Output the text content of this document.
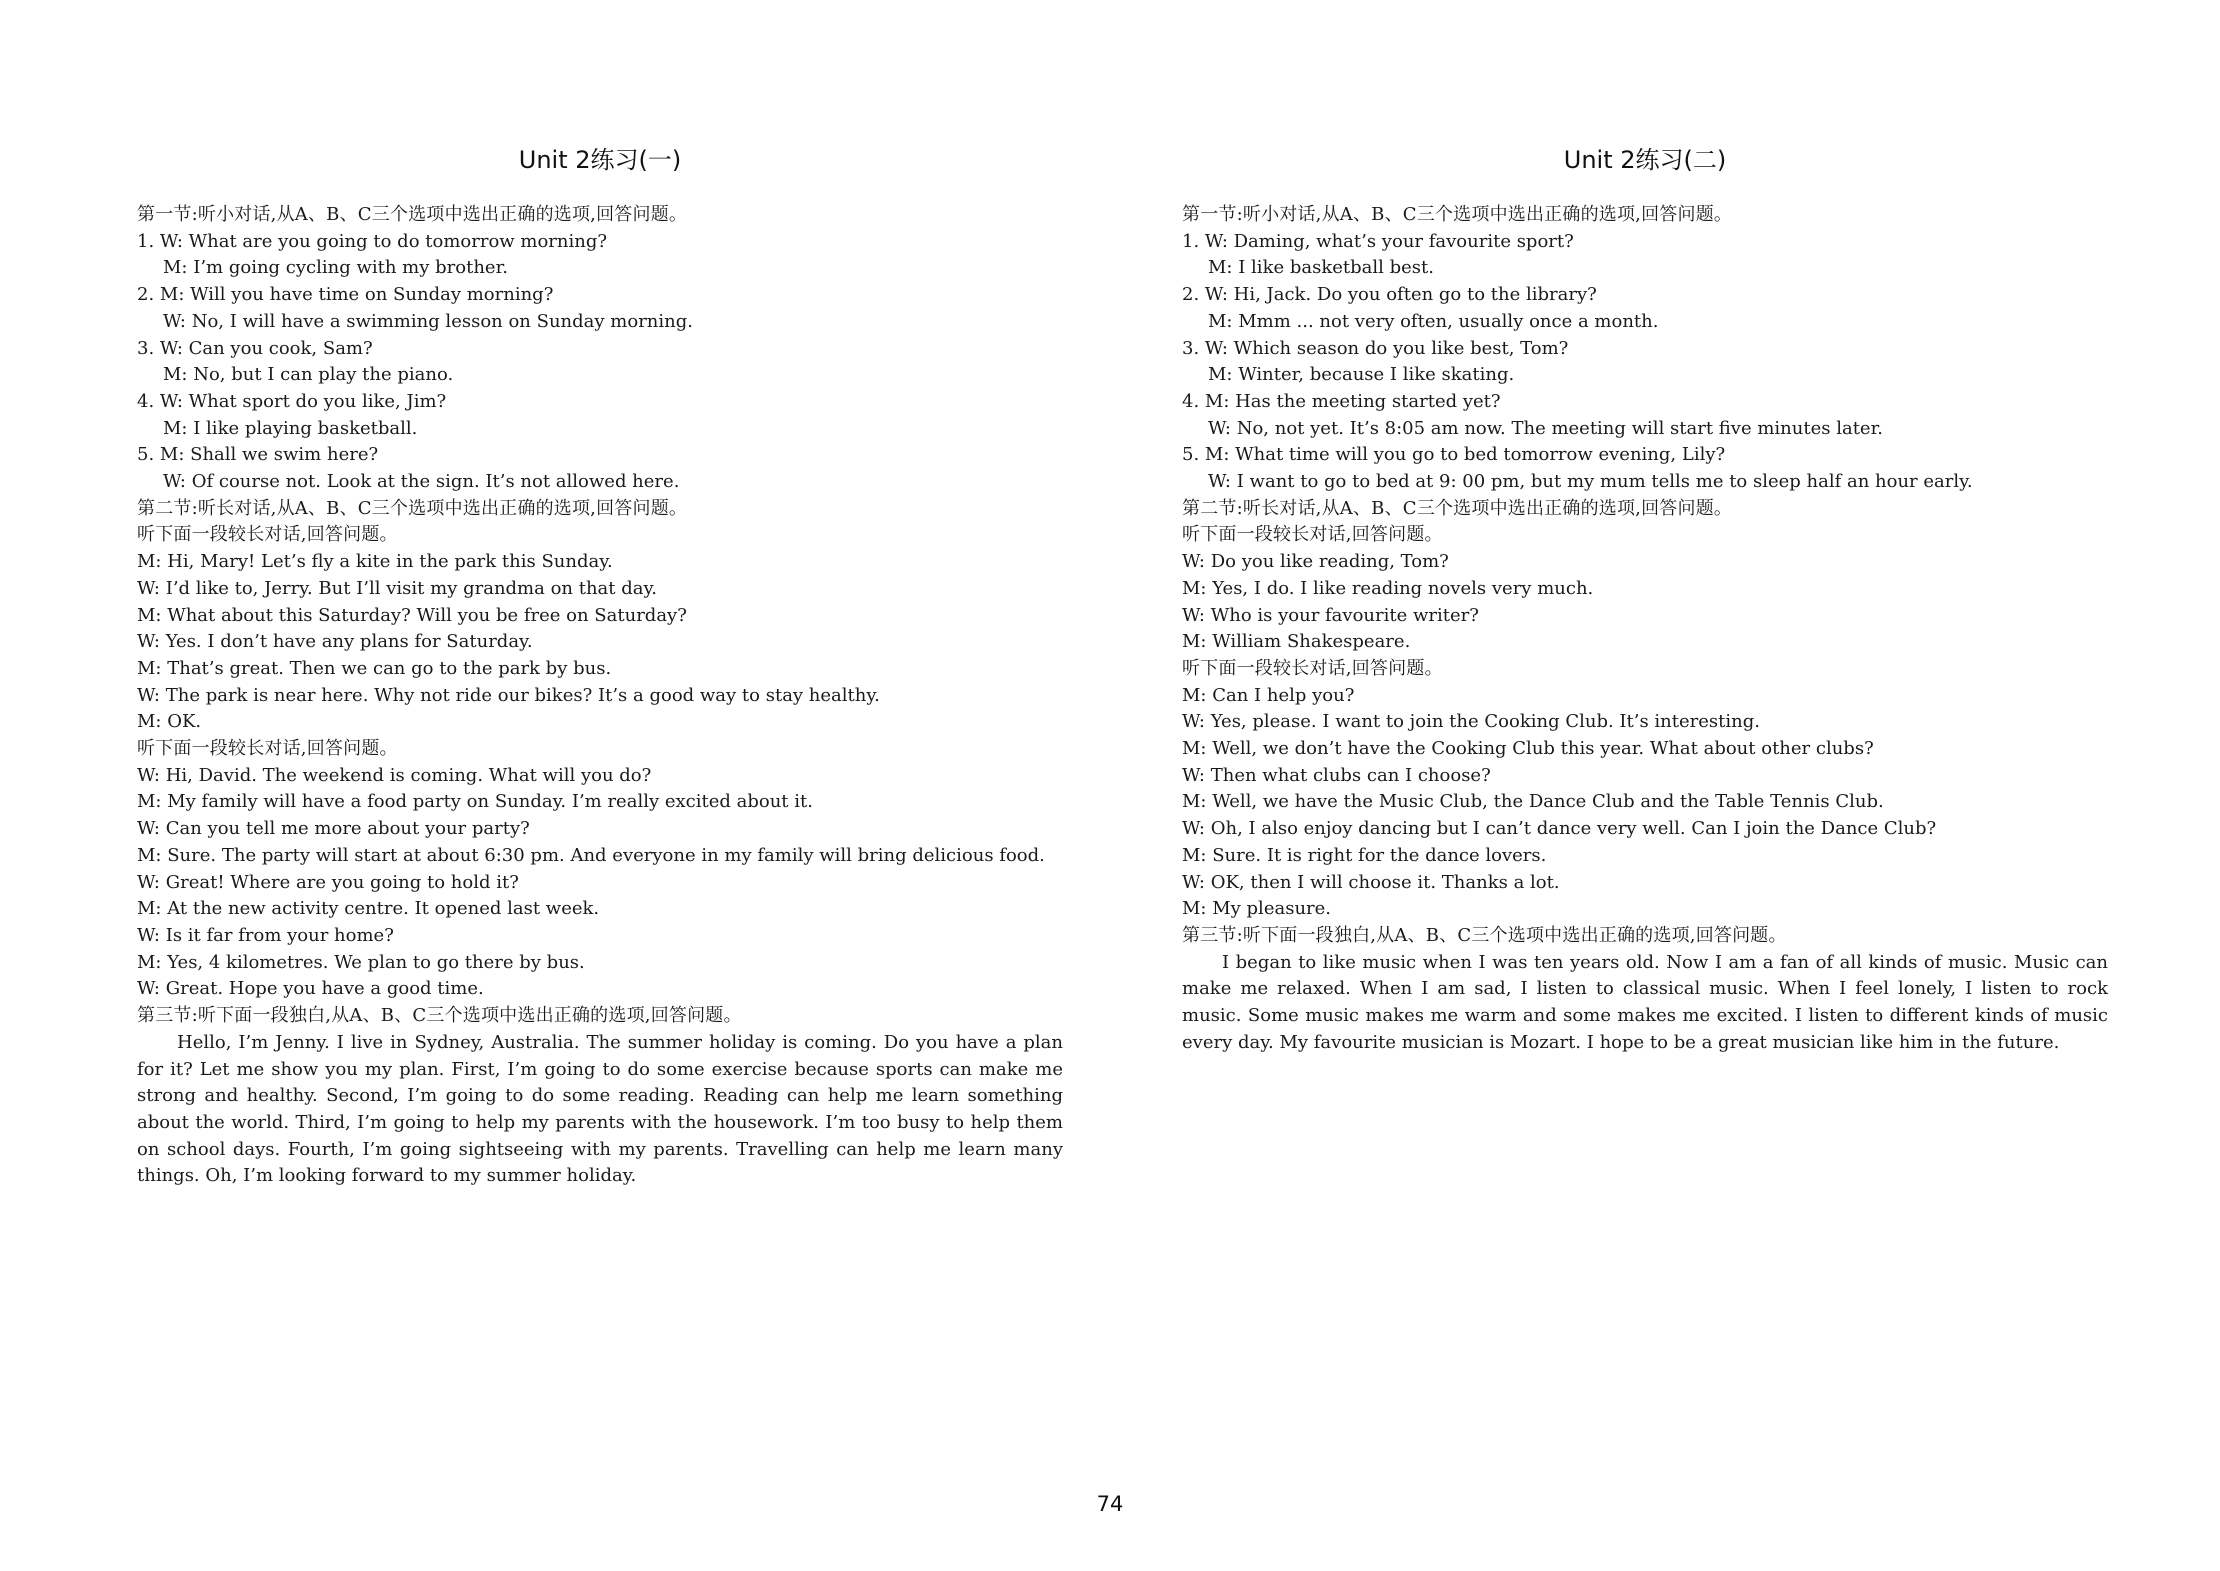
Unit 2练习(一)
第一节:听小对话,从A、B、C三个选项中选出正确的选项,回答问题。
1. W: What are you going to do tomorrow morning?
M: I’m going cycling with my brother.
2. M: Will you have time on Sunday morning?
W: No, I will have a swimming lesson on Sunday morning.
3. W: Can you cook, Sam?
M: No, but I can play the piano.
4. W: What sport do you like, Jim?
M: I like playing basketball.
5. M: Shall we swim here?
W: Of course not. Look at the sign. It’s not allowed here.
第二节:听长对话,从A、B、C三个选项中选出正确的选项,回答问题。
听下面一段较长对话,回答问题。
M: Hi, Mary! Let’s fly a kite in the park this Sunday.
W: I’d like to, Jerry. But I’ll visit my grandma on that day.
M: What about this Saturday? Will you be free on Saturday?
W: Yes. I don’t have any plans for Saturday.
M: That’s great. Then we can go to the park by bus.
W: The park is near here. Why not ride our bikes? It’s a good way to stay healthy.
M: OK.
听下面一段较长对话,回答问题。
W: Hi, David. The weekend is coming. What will you do?
M: My family will have a food party on Sunday. I’m really excited about it.
W: Can you tell me more about your party?
M: Sure. The party will start at about 6:30 pm. And everyone in my family will bring delicious food.
W: Great! Where are you going to hold it?
M: At the new activity centre. It opened last week.
W: Is it far from your home?
M: Yes, 4 kilometres. We plan to go there by bus.
W: Great. Hope you have a good time.
第三节:听下面一段独白,从A、B、C三个选项中选出正确的选项,回答问题。

Hello, I’m Jenny. I live in Sydney, Australia. The summer holiday is coming. Do you have a plan for it? Let me show you my plan. First, I’m going to do some exercise because sports can make me strong and healthy. Second, I’m going to do some reading. Reading can help me learn something about the world. Third, I’m going to help my parents with the housework. I’m too busy to help them on school days. Fourth, I’m going sightseeing with my parents. Travelling can help me learn many things. Oh, I’m looking forward to my summer holiday.

Unit 2练习(二)
第一节:听小对话,从A、B、C三个选项中选出正确的选项,回答问题。
1. W: Daming, what’s your favourite sport?
M: I like basketball best.
2. W: Hi, Jack. Do you often go to the library?
M: Mmm ... not very often, usually once a month.
3. W: Which season do you like best, Tom?
M: Winter, because I like skating.
4. M: Has the meeting started yet?
W: No, not yet. It’s 8:05 am now. The meeting will start five minutes later.
5. M: What time will you go to bed tomorrow evening, Lily?
W: I want to go to bed at 9: 00 pm, but my mum tells me to sleep half an hour early.
第二节:听长对话,从A、B、C三个选项中选出正确的选项,回答问题。
听下面一段较长对话,回答问题。
W: Do you like reading, Tom?
M: Yes, I do. I like reading novels very much.
W: Who is your favourite writer?
M: William Shakespeare.
听下面一段较长对话,回答问题。
M: Can I help you?
W: Yes, please. I want to join the Cooking Club. It’s interesting.
M: Well, we don’t have the Cooking Club this year. What about other clubs?
W: Then what clubs can I choose?
M: Well, we have the Music Club, the Dance Club and the Table Tennis Club.
W: Oh, I also enjoy dancing but I can’t dance very well. Can I join the Dance Club?
M: Sure. It is right for the dance lovers.
W: OK, then I will choose it. Thanks a lot.
M: My pleasure.
第三节:听下面一段独白,从A、B、C三个选项中选出正确的选项,回答问题。

I began to like music when I was ten years old. Now I am a fan of all kinds of music. Music can make me relaxed. When I am sad, I listen to classical music. When I feel lonely, I listen to rock music. Some music makes me warm and some makes me excited. I listen to different kinds of music every day. My favourite musician is Mozart. I hope to be a great musician like him in the future.

74
